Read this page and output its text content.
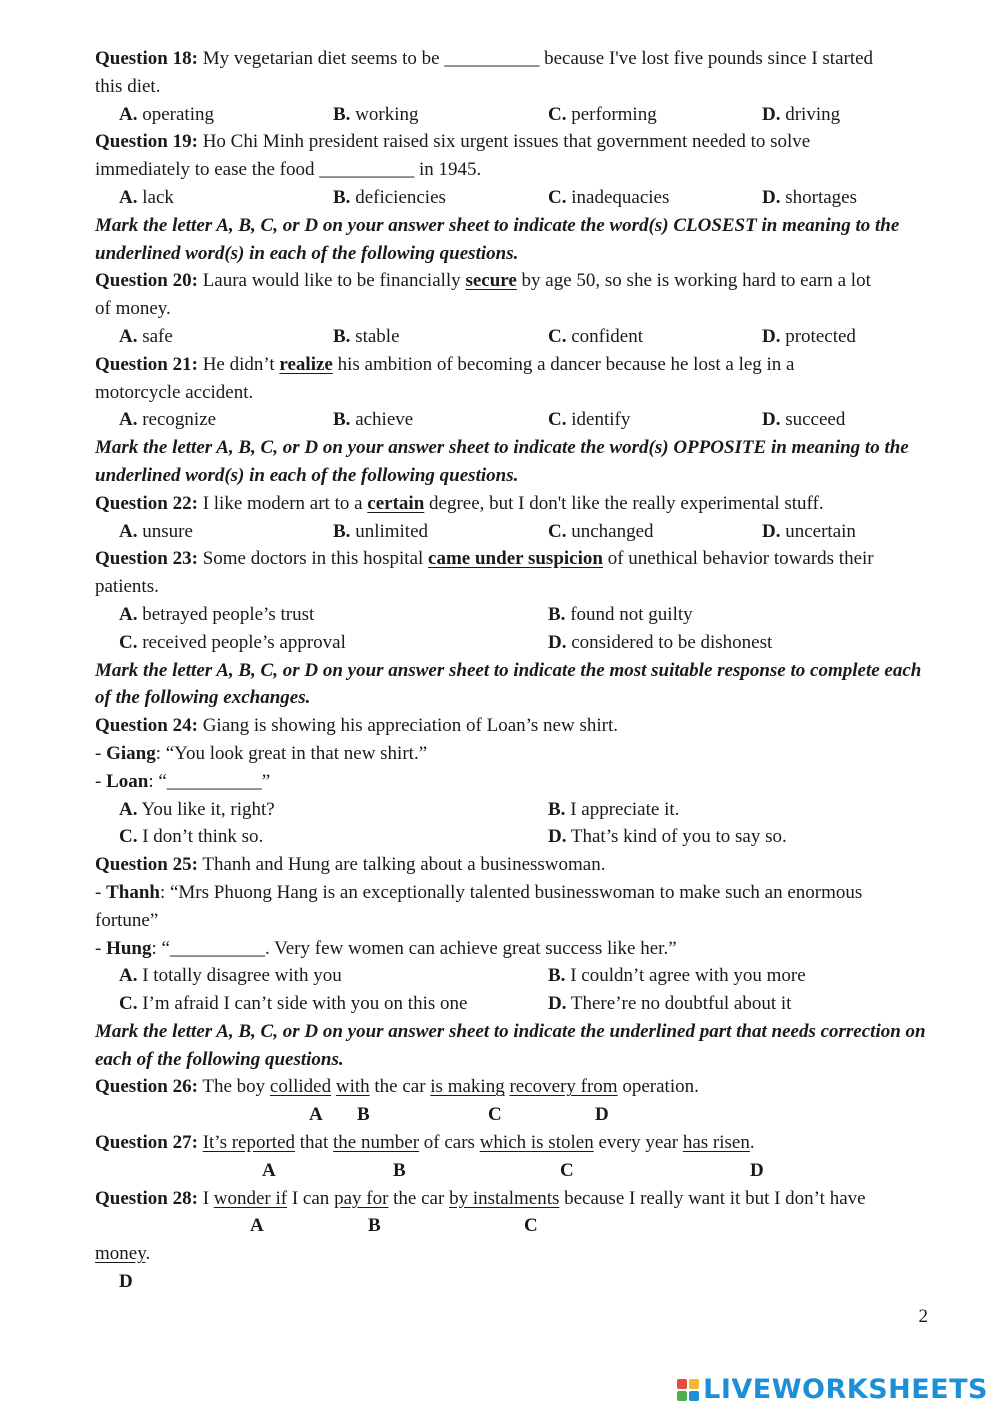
Question 18: My vegetarian diet seems to be __________ because I've lost five pounds since I started
this diet.
A. operating	B. working	C. performing	D. driving
Question 19: Ho Chi Minh president raised six urgent issues that government needed to solve
immediately to ease the food __________ in 1945.
A. lack	B. deficiencies	C. inadequacies	D. shortages
Mark the letter A, B, C, or D on your answer sheet to indicate the word(s) CLOSEST in meaning to the underlined word(s) in each of the following questions.
Question 20: Laura would like to be financially secure by age 50, so she is working hard to earn a lot
of money.
A. safe	B. stable	C. confident	D. protected
Question 21: He didn’t realize his ambition of becoming a dancer because he lost a leg in a
motorcycle accident.
A. recognize	B. achieve	C. identify	D. succeed
Mark the letter A, B, C, or D on your answer sheet to indicate the word(s) OPPOSITE in meaning to the underlined word(s) in each of the following questions.
Question 22: I like modern art to a certain degree, but I don't like the really experimental stuff.
A. unsure	B. unlimited	C. unchanged	D. uncertain
Question 23: Some doctors in this hospital came under suspicion of unethical behavior towards their
patients.
A. betrayed people’s trust	B. found not guilty
C. received people’s approval	D. considered to be dishonest
Mark the letter A, B, C, or D on your answer sheet to indicate the most suitable response to complete each of the following exchanges.
Question 24: Giang is showing his appreciation of Loan’s new shirt.
- Giang: “You look great in that new shirt.”
- Loan: “__________”
A. You like it, right?	B. I appreciate it.
C. I don’t think so.	D. That’s kind of you to say so.
Question 25: Thanh and Hung are talking about a businesswoman.
- Thanh: “Mrs Phuong Hang is an exceptionally talented businesswoman to make such an enormous
fortune”
- Hung: “__________. Very few women can achieve great success like her.”
A. I totally disagree with you	B. I couldn’t agree with you more
C. I’m afraid I can’t side with you on this one	D. There’re no doubtful about it
Mark the letter A, B, C, or D on your answer sheet to indicate the underlined part that needs correction on each of the following questions.
Question 26: The boy collided with the car is making recovery from operation.
A B	C	D
Question 27: It’s reported that the number of cars which is stolen every year has risen.
A	B	C	D
Question 28: I wonder if I can pay for the car by instalments because I really want it but I don’t have
A	B	C
money.
D
2
LIVEWORKSHEETS
